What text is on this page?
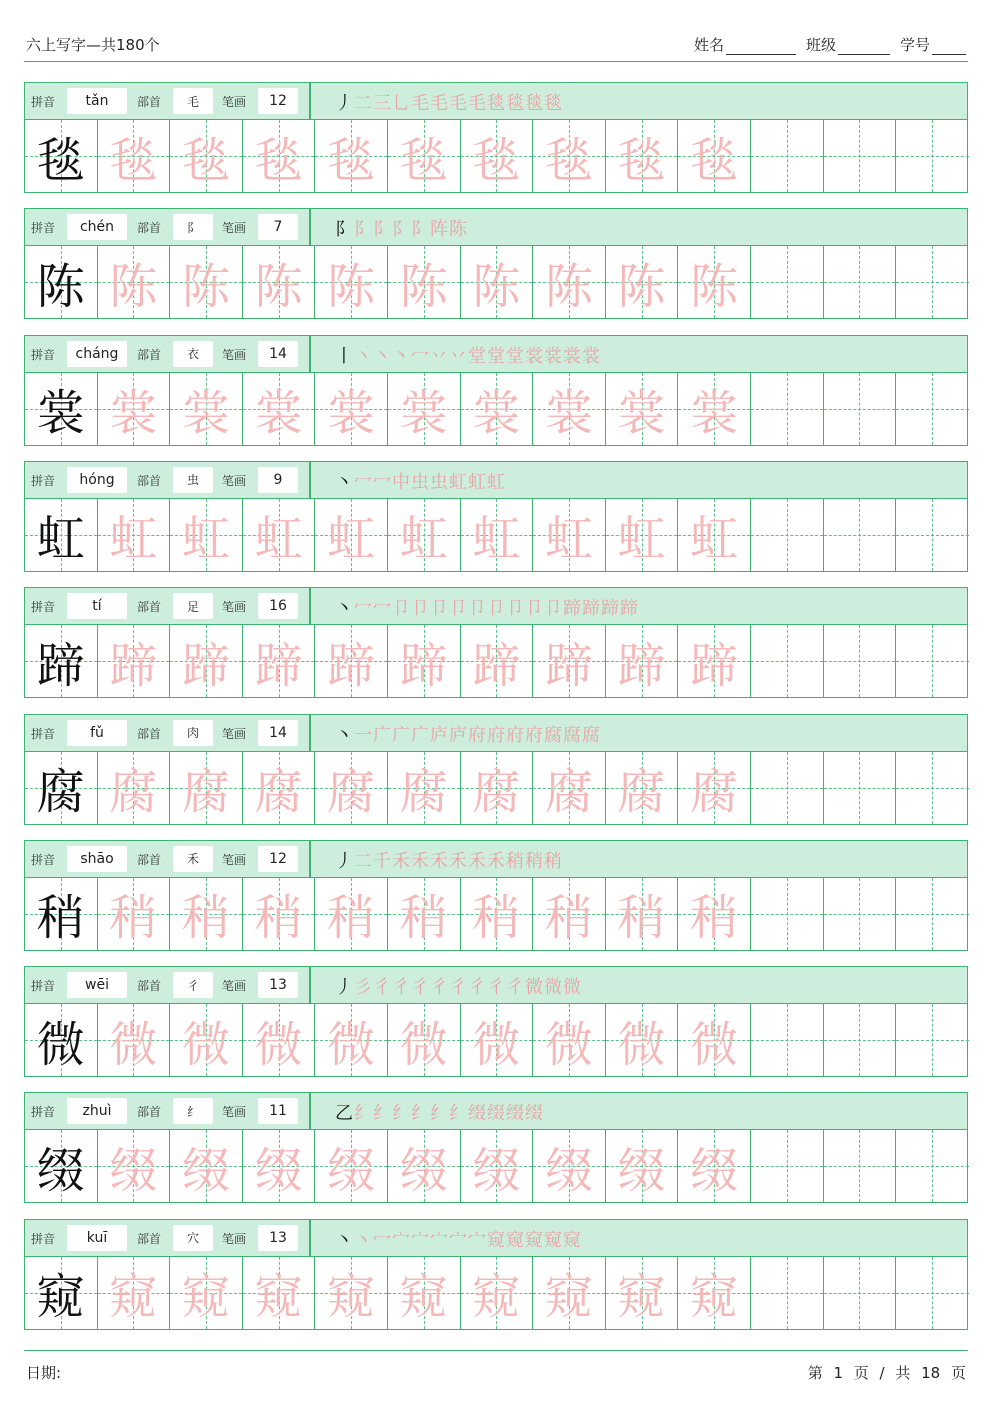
六上写字—共180个	姓名	班级	学号
拼音	tǎn	部首	毛	笔画	12	丿 二 三 乚 毛 毛 毛 毛 毯 毯 毯 毯
毯 毯 毯 毯 毯 毯 毯 毯 毯 毯
拼音	chén	部首	阝	笔画	7	阝 阝 阝 阝 阝 阵 陈
陈 陈 陈 陈 陈 陈 陈 陈 陈 陈
拼音	cháng	部首	衣	笔画	14	丨 丶 丶 丶 冖 丷 丷 堂 堂 堂 裳 裳 裳 裳
裳 裳 裳 裳 裳 裳 裳 裳 裳 裳
拼音	hóng	部首	虫	笔画	9	丶 冖 冖 中 虫 虫 虹 虹 虹
虹 虹 虹 虹 虹 虹 虹 虹 虹 虹
拼音	tí	部首	足	笔画	16	丶 冖 冖 卩 卩 卩 卩 卩 卩 卩 卩 卩 蹄 蹄 蹄 蹄
蹄 蹄 蹄 蹄 蹄 蹄 蹄 蹄 蹄 蹄
拼音	fǔ	部首	肉	笔画	14	丶 一 广 广 广 庐 庐 府 府 府 府 腐 腐 腐
腐 腐 腐 腐 腐 腐 腐 腐 腐 腐
拼音	shāo	部首	禾	笔画	12	丿 二 千 禾 禾 禾 禾 禾 禾 稍 稍 稍
稍 稍 稍 稍 稍 稍 稍 稍 稍 稍
拼音	wēi	部首	彳	笔画	13	丿 彡 彳 彳 彳 彳 彳 彳 彳 彳 微 微 微
微 微 微 微 微 微 微 微 微 微
拼音	zhuì	部首	纟	笔画	11	乙 纟 纟 纟 纟 纟 纟 缀 缀 缀 缀
缀 缀 缀 缀 缀 缀 缀 缀 缀 缀
拼音	kuī	部首	穴	笔画	13	丶 丶 冖 宀 宀 宀 宀 宀 窥 窥 窥 窥 窥
窥 窥 窥 窥 窥 窥 窥 窥 窥 窥
日期:	第 1 页 / 共 18 页
